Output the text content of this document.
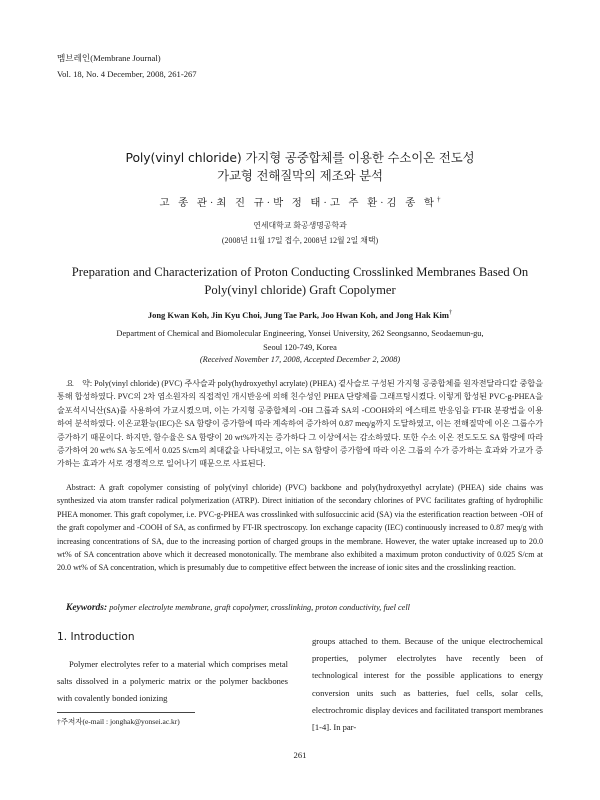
멤브레인(Membrane Journal)
Vol. 18, No. 4 December, 2008, 261-267
Poly(vinyl chloride) 가지형 공중합체를 이용한 수소이온 전도성
가교형 전해질막의 제조와 분석
고 종 관·최 진 규·박 정 태·고 주 환·김 종 학†
연세대학교 화공생명공학과
(2008년 11월 17일 접수, 2008년 12월 2일 채택)
Preparation and Characterization of Proton Conducting Crosslinked Membranes Based On
Poly(vinyl chloride) Graft Copolymer
Jong Kwan Koh, Jin Kyu Choi, Jung Tae Park, Joo Hwan Koh, and Jong Hak Kim†
Department of Chemical and Biomolecular Engineering, Yonsei University, 262 Seongsanno, Seodaemun-gu,
Seoul 120-749, Korea
(Received November 17, 2008, Accepted December 2, 2008)
요    약: Poly(vinyl chloride) (PVC) 주사슬과 poly(hydroxyethyl acrylate) (PHEA) 곁사슬로 구성된 가지형 공중합체를 원자전달라디칼 중합을 통해 합성하였다. PVC의 2차 염소원자의 직접적인 개시반응에 의해 친수성인 PHEA 단량체를 그래프팅시켰다. 이렇게 합성된 PVC-g-PHEA을 술포석시닉산(SA)를 사용하여 가교시켰으며, 이는 가지형 공중합체의 -OH 그룹과 SA의 -COOH와의 에스테르 반응임을 FT-IR 분광법을 이용하여 분석하였다. 이온교환능(IEC)은 SA 함량이 증가함에 따라 계속하여 증가하여 0.87 meq/g까지 도달하였고, 이는 전해질막에 이온 그룹수가 증가하기 때문이다. 하지만, 함수율은 SA 함량이 20 wt%까지는 증가하다 그 이상에서는 감소하였다. 또한 수소 이온 전도도도 SA 함량에 따라 증가하여 20 wt% SA 농도에서 0.025 S/cm의 최대값을 나타내었고, 이는 SA 함량이 증가함에 따라 이온 그룹의 수가 증가하는 효과와 가교가 증가하는 효과가 서로 경쟁적으로 일어나기 때문으로 사료된다.
Abstract: A graft copolymer consisting of poly(vinyl chloride) (PVC) backbone and poly(hydroxyethyl acrylate) (PHEA) side chains was synthesized via atom transfer radical polymerization (ATRP). Direct initiation of the secondary chlorines of PVC facilitates grafting of hydrophilic PHEA monomer. This graft copolymer, i.e. PVC-g-PHEA was crosslinked with sulfosuccinic acid (SA) via the esterification reaction between -OH of the graft copolymer and -COOH of SA, as confirmed by FT-IR spectroscopy. Ion exchange capacity (IEC) continuously increased to 0.87 meq/g with increasing concentrations of SA, due to the increasing portion of charged groups in the membrane. However, the water uptake increased up to 20.0 wt% of SA concentration above which it decreased monotonically. The membrane also exhibited a maximum proton conductivity of 0.025 S/cm at 20.0 wt% of SA concentration, which is presumably due to competitive effect between the increase of ionic sites and the crosslinking reaction.
Keywords: polymer electrolyte membrane, graft copolymer, crosslinking, proton conductivity, fuel cell
1. Introduction

Polymer electrolytes refer to a material which comprises metal salts dissolved in a polymeric matrix or the polymer backbones with covalently bonded ionizing

groups attached to them. Because of the unique electrochemical properties, polymer electrolytes have recently been of technological interest for the possible applications to energy conversion units such as batteries, fuel cells, solar cells, electrochromic display devices and facilitated transport membranes [1-4]. In par-

†주저자(e-mail : jonghak@yonsei.ac.kr)
261
